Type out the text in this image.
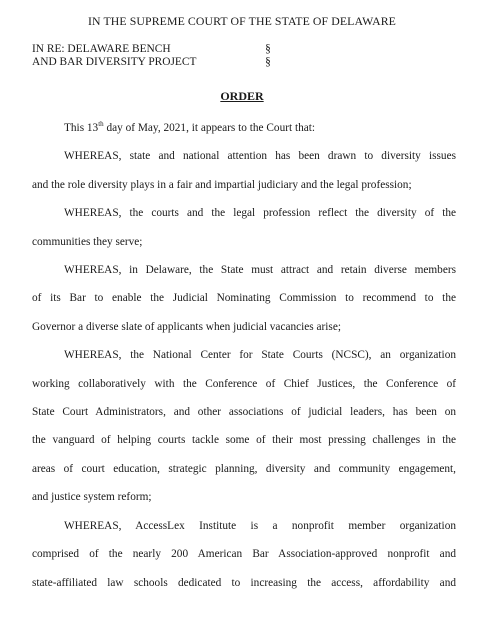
IN THE SUPREME COURT OF THE STATE OF DELAWARE
IN RE: DELAWARE BENCH	§
AND BAR DIVERSITY PROJECT	§
ORDER

This 13th day of May, 2021, it appears to the Court that:

WHEREAS, state and national attention has been drawn to diversity issues
and the role diversity plays in a fair and impartial judiciary and the legal profession;

WHEREAS, the courts and the legal profession reflect the diversity of the
communities they serve;

WHEREAS, in Delaware, the State must attract and retain diverse members
of its Bar to enable the Judicial Nominating Commission to recommend to the
Governor a diverse slate of applicants when judicial vacancies arise;

WHEREAS, the National Center for State Courts (NCSC), an organization
working collaboratively with the Conference of Chief Justices, the Conference of
State Court Administrators, and other associations of judicial leaders, has been on
the vanguard of helping courts tackle some of their most pressing challenges in the
areas of court education, strategic planning, diversity and community engagement,
and justice system reform;

WHEREAS, AccessLex Institute is a nonprofit member organization
comprised of the nearly 200 American Bar Association-approved nonprofit and
state-affiliated law schools dedicated to increasing the access, affordability and
